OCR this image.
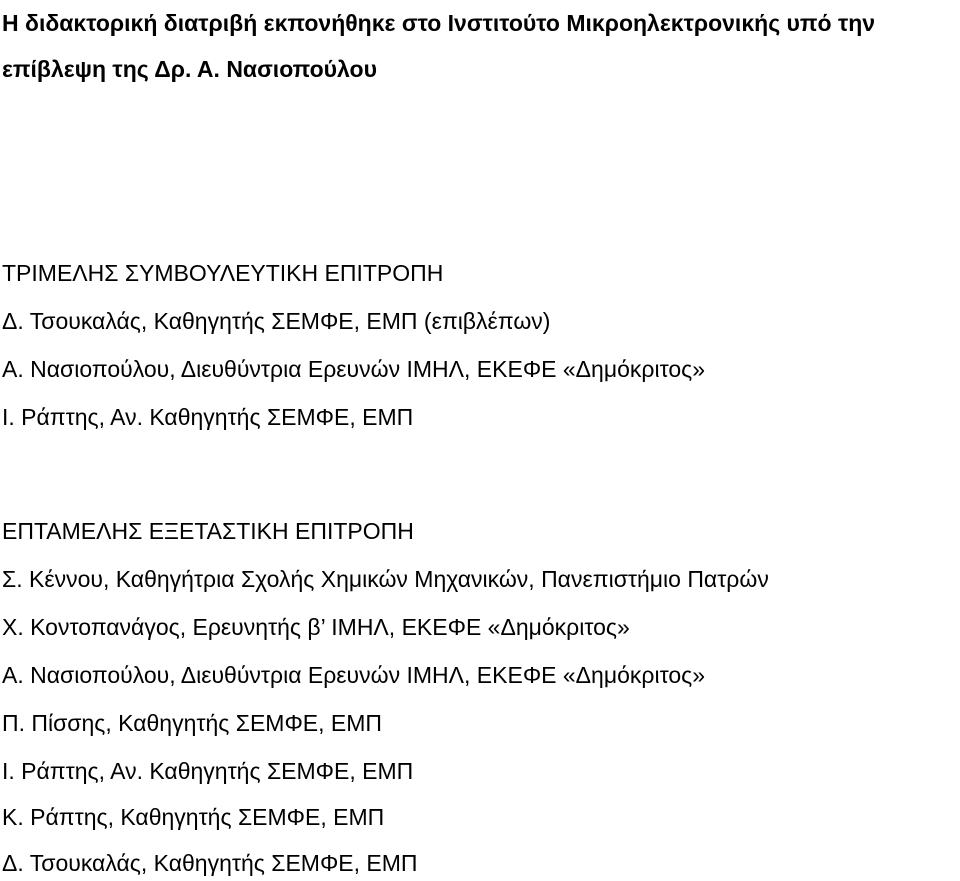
Η διδακτορική διατριβή εκπονήθηκε στο Ινστιτούτο Μικροηλεκτρονικής υπό την επίβλεψη της Δρ. Α. Νασιοπούλου

ΤΡΙΜΕΛΗΣ ΣΥΜΒΟΥΛΕΥΤΙΚΗ ΕΠΙΤΡΟΠΗ

Δ. Τσουκαλάς, Καθηγητής ΣΕΜΦΕ, ΕΜΠ (επιβλέπων)

Α. Νασιοπούλου, Διευθύντρια Ερευνών ΙΜΗΛ, ΕΚΕΦΕ «Δημόκριτος»

Ι. Ράπτης, Αν. Καθηγητής ΣΕΜΦΕ, ΕΜΠ

ΕΠΤΑΜΕΛΗΣ ΕΞΕΤΑΣΤΙΚΗ ΕΠΙΤΡΟΠΗ

Σ. Κέννου, Καθηγήτρια Σχολής Χημικών Μηχανικών, Πανεπιστήμιο Πατρών

Χ. Κοντοπανάγος, Ερευνητής β’ ΙΜΗΛ, ΕΚΕΦΕ «Δημόκριτος»

Α. Νασιοπούλου, Διευθύντρια Ερευνών ΙΜΗΛ, ΕΚΕΦΕ «Δημόκριτος»

Π. Πίσσης, Καθηγητής ΣΕΜΦΕ, ΕΜΠ

Ι. Ράπτης, Αν. Καθηγητής ΣΕΜΦΕ, ΕΜΠ

Κ. Ράπτης, Καθηγητής ΣΕΜΦΕ, ΕΜΠ

Δ. Τσουκαλάς, Καθηγητής ΣΕΜΦΕ, ΕΜΠ
